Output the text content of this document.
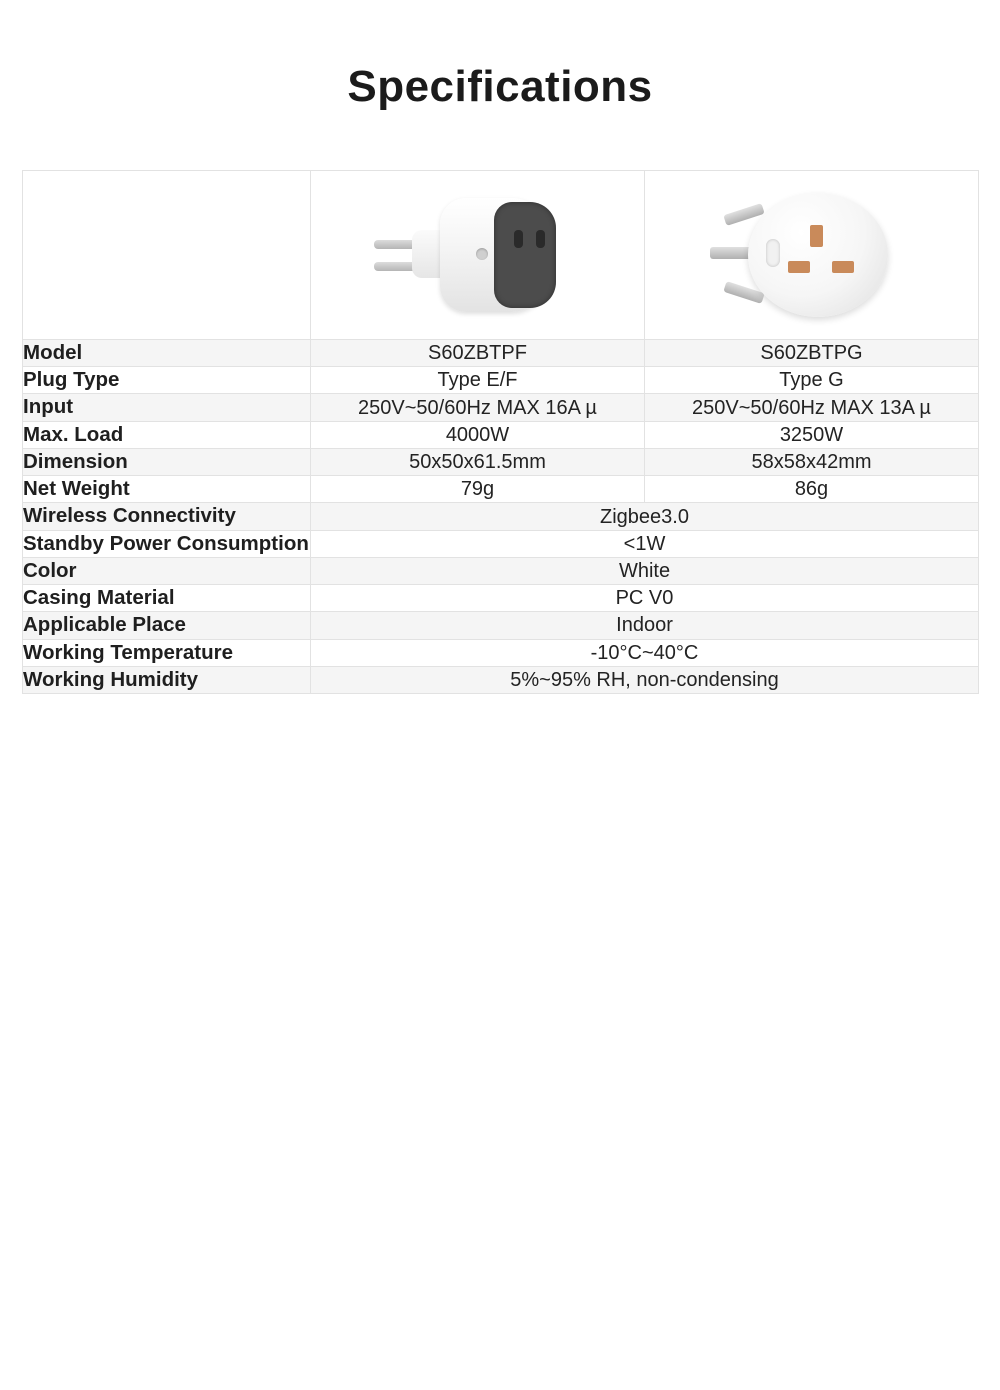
Specifications

Model	S60ZBTPF	S60ZBTPG
Plug Type	Type E/F	Type G
Input	250V~50/60Hz MAX 16A µ	250V~50/60Hz MAX 13A µ
Max. Load	4000W	3250W
Dimension	50x50x61.5mm	58x58x42mm
Net Weight	79g	86g
Wireless Connectivity	Zigbee3.0	
Standby Power Consumption	<1W	
Color	White	
Casing Material	PC V0	
Applicable Place	Indoor	
Working Temperature	-10°C~40°C	
Working Humidity	5%~95% RH, non-condensing	
